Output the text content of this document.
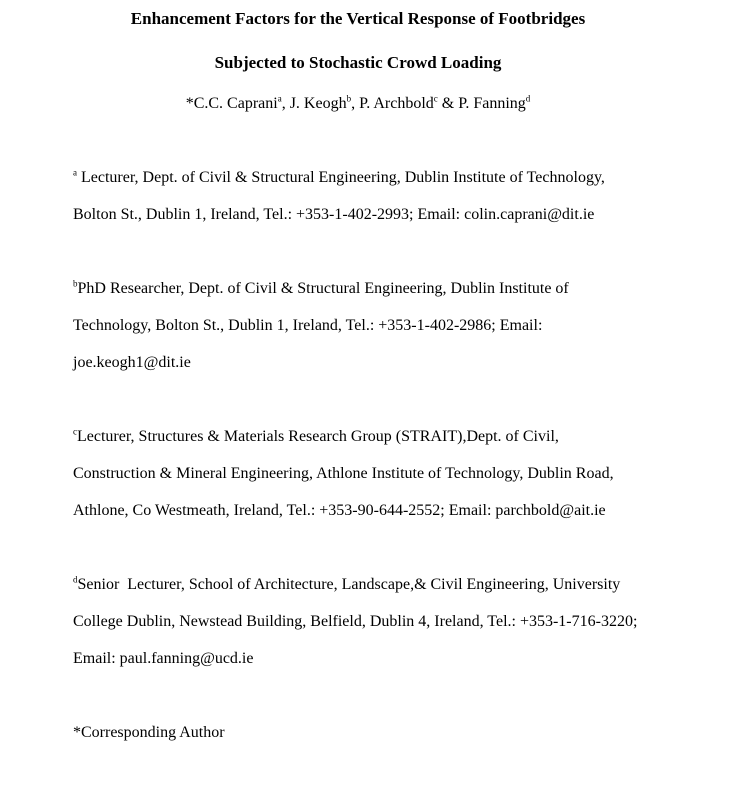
Enhancement Factors for the Vertical Response of Footbridges
Subjected to Stochastic Crowd Loading
*C.C. Caprani$^a$, J. Keogh$^b$, P. Archbold$^c$ & P. Fanning$^d$
$^a$ Lecturer, Dept. of Civil & Structural Engineering, Dublin Institute of Technology,
Bolton St., Dublin 1, Ireland, Tel.: +353-1-402-2993; Email: colin.caprani@dit.ie
$^b$PhD Researcher, Dept. of Civil & Structural Engineering, Dublin Institute of
Technology, Bolton St., Dublin 1, Ireland, Tel.: +353-1-402-2986; Email:
joe.keogh1@dit.ie
$^c$Lecturer, Structures & Materials Research Group (STRAIT),Dept. of Civil,
Construction & Mineral Engineering, Athlone Institute of Technology, Dublin Road,
Athlone, Co Westmeath, Ireland, Tel.: +353-90-644-2552; Email: parchbold@ait.ie
$^d$Senior  Lecturer, School of Architecture, Landscape,& Civil Engineering, University
College Dublin, Newstead Building, Belfield, Dublin 4, Ireland, Tel.: +353-1-716-3220;
Email: paul.fanning@ucd.ie
*Corresponding Author
